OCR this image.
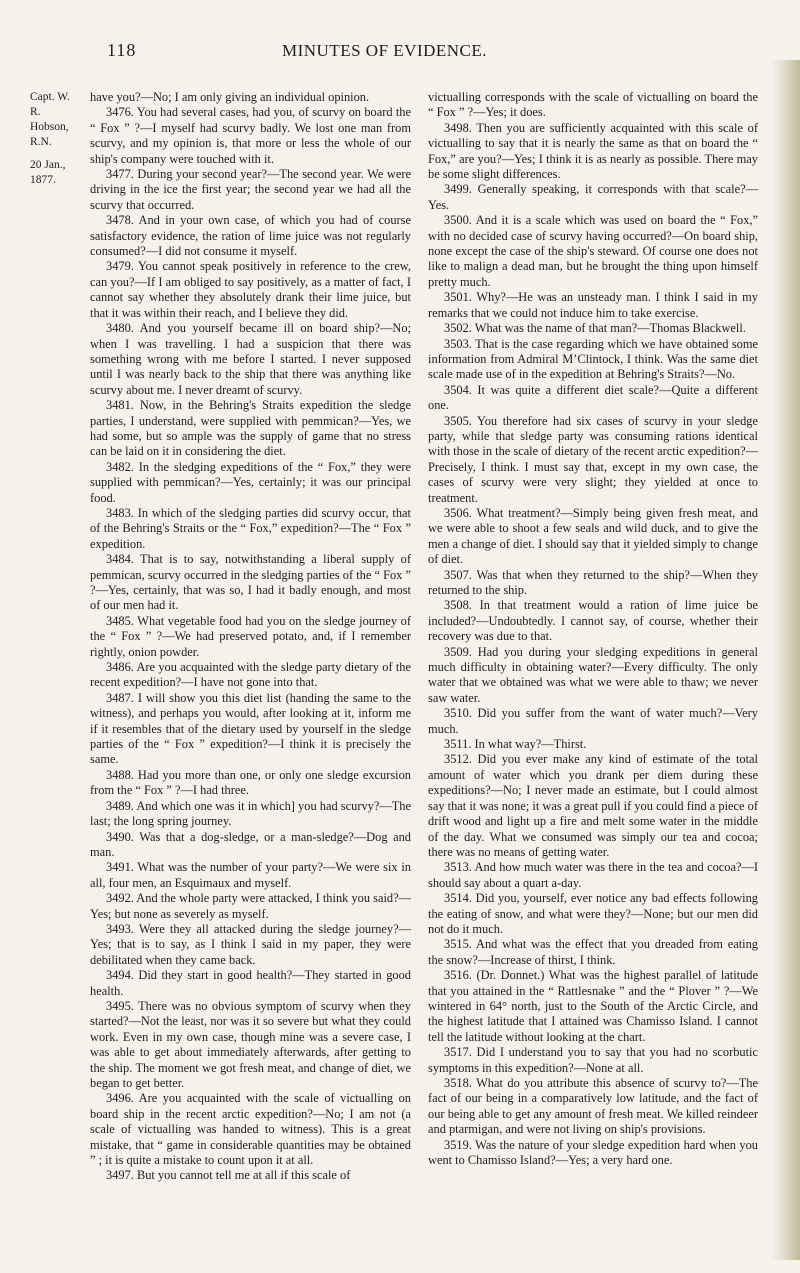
118	MINUTES OF EVIDENCE.
Capt. W. R. Hobson, R.N.
20 Jan., 1877.

have you?—No; I am only giving an individual opinion.

3476. You had several cases, had you, of scurvy on board the “ Fox ” ?—I myself had scurvy badly. We lost one man from scurvy, and my opinion is, that more or less the whole of our ship's company were touched with it.

3477. During your second year?—The second year. We were driving in the ice the first year; the second year we had all the scurvy that occurred.

3478. And in your own case, of which you had of course satisfactory evidence, the ration of lime juice was not regularly consumed?—I did not consume it myself.

3479. You cannot speak positively in reference to the crew, can you?—If I am obliged to say positively, as a matter of fact, I cannot say whether they absolutely drank their lime juice, but that it was within their reach, and I believe they did.

3480. And you yourself became ill on board ship?—No; when I was travelling. I had a suspicion that there was something wrong with me before I started. I never supposed until I was nearly back to the ship that there was anything like scurvy about me. I never dreamt of scurvy.

3481. Now, in the Behring's Straits expedition the sledge parties, I understand, were supplied with pemmican?—Yes, we had some, but so ample was the supply of game that no stress can be laid on it in considering the diet.

3482. In the sledging expeditions of the “ Fox,” they were supplied with pemmican?—Yes, certainly; it was our principal food.

3483. In which of the sledging parties did scurvy occur, that of the Behring's Straits or the “ Fox,” expedition?—The “ Fox ” expedition.

3484. That is to say, notwithstanding a liberal supply of pemmican, scurvy occurred in the sledging parties of the “ Fox ” ?—Yes, certainly, that was so, I had it badly enough, and most of our men had it.

3485. What vegetable food had you on the sledge journey of the “ Fox ” ?—We had preserved potato, and, if I remember rightly, onion powder.

3486. Are you acquainted with the sledge party dietary of the recent expedition?—I have not gone into that.

3487. I will show you this diet list (handing the same to the witness), and perhaps you would, after looking at it, inform me if it resembles that of the dietary used by yourself in the sledge parties of the “ Fox ” expedition?—I think it is precisely the same.

3488. Had you more than one, or only one sledge excursion from the “ Fox ” ?—I had three.

3489. And which one was it in which] you had scurvy?—The last; the long spring journey.

3490. Was that a dog-sledge, or a man-sledge?—Dog and man.

3491. What was the number of your party?—We were six in all, four men, an Esquimaux and myself.

3492. And the whole party were attacked, I think you said?—Yes; but none as severely as myself.

3493. Were they all attacked during the sledge journey?—Yes; that is to say, as I think I said in my paper, they were debilitated when they came back.

3494. Did they start in good health?—They started in good health.

3495. There was no obvious symptom of scurvy when they started?—Not the least, nor was it so severe but what they could work. Even in my own case, though mine was a severe case, I was able to get about immediately afterwards, after getting to the ship. The moment we got fresh meat, and change of diet, we began to get better.

3496. Are you acquainted with the scale of victualling on board ship in the recent arctic expedition?—No; I am not (a scale of victualling was handed to witness). This is a great mistake, that “ game in considerable quantities may be obtained ” ; it is quite a mistake to count upon it at all.

3497. But you cannot tell me at all if this scale of

victualling corresponds with the scale of victualling on board the “ Fox ” ?—Yes; it does.

3498. Then you are sufficiently acquainted with this scale of victualling to say that it is nearly the same as that on board the “ Fox,” are you?—Yes; I think it is as nearly as possible. There may be some slight differences.

3499. Generally speaking, it corresponds with that scale?—Yes.

3500. And it is a scale which was used on board the “ Fox,” with no decided case of scurvy having occurred?—On board ship, none except the case of the ship's steward. Of course one does not like to malign a dead man, but he brought the thing upon himself pretty much.

3501. Why?—He was an unsteady man. I think I said in my remarks that we could not induce him to take exercise.

3502. What was the name of that man?—Thomas Blackwell.

3503. That is the case regarding which we have obtained some information from Admiral M’Clintock, I think. Was the same diet scale made use of in the expedition at Behring's Straits?—No.

3504. It was quite a different diet scale?—Quite a different one.

3505. You therefore had six cases of scurvy in your sledge party, while that sledge party was consuming rations identical with those in the scale of dietary of the recent arctic expedition?—Precisely, I think. I must say that, except in my own case, the cases of scurvy were very slight; they yielded at once to treatment.

3506. What treatment?—Simply being given fresh meat, and we were able to shoot a few seals and wild duck, and to give the men a change of diet. I should say that it yielded simply to change of diet.

3507. Was that when they returned to the ship?—When they returned to the ship.

3508. In that treatment would a ration of lime juice be included?—Undoubtedly. I cannot say, of course, whether their recovery was due to that.

3509. Had you during your sledging expeditions in general much difficulty in obtaining water?—Every difficulty. The only water that we obtained was what we were able to thaw; we never saw water.

3510. Did you suffer from the want of water much?—Very much.

3511. In what way?—Thirst.

3512. Did you ever make any kind of estimate of the total amount of water which you drank per diem during these expeditions?—No; I never made an estimate, but I could almost say that it was none; it was a great pull if you could find a piece of drift wood and light up a fire and melt some water in the middle of the day. What we consumed was simply our tea and cocoa; there was no means of getting water.

3513. And how much water was there in the tea and cocoa?—I should say about a quart a-day.

3514. Did you, yourself, ever notice any bad effects following the eating of snow, and what were they?—None; but our men did not do it much.

3515. And what was the effect that you dreaded from eating the snow?—Increase of thirst, I think.

3516. (Dr. Donnet.) What was the highest parallel of latitude that you attained in the “ Rattlesnake ” and the “ Plover ” ?—We wintered in 64° north, just to the South of the Arctic Circle, and the highest latitude that I attained was Chamisso Island. I cannot tell the latitude without looking at the chart.

3517. Did I understand you to say that you had no scorbutic symptoms in this expedition?—None at all.

3518. What do you attribute this absence of scurvy to?—The fact of our being in a comparatively low latitude, and the fact of our being able to get any amount of fresh meat. We killed reindeer and ptarmigan, and were not living on ship's provisions.

3519. Was the nature of your sledge expedition hard when you went to Chamisso Island?—Yes; a very hard one.
